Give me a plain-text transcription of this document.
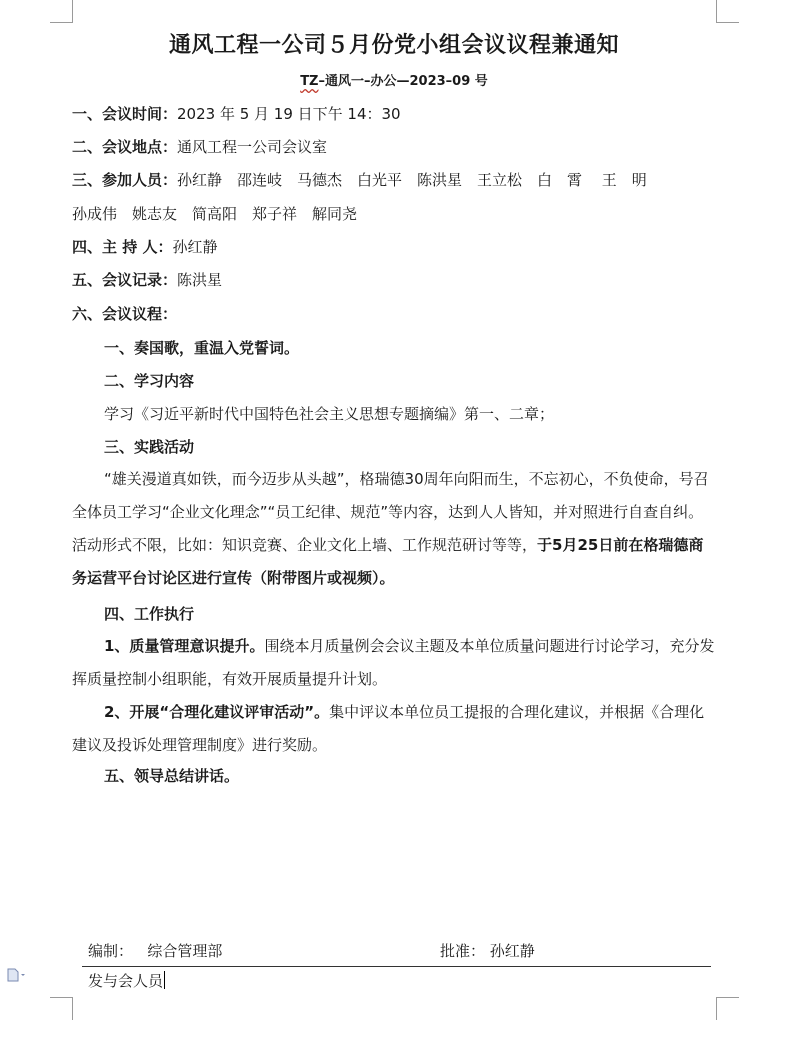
通风工程一公司５月份党小组会议议程兼通知
TZ–通风一–办公—2023–09 号
一、会议时间：2023 年 5 月 19 日下午 14：30
二、会议地点：通风工程一公司会议室
三、参加人员：孙红静　邵连岐　马德杰　白光平　陈洪星　王立松　白　霄　 王　明
孙成伟　姚志友　简高阳　郑子祥　解同尧
四、主 持 人：孙红静
五、会议记录：陈洪星
六、会议议程：
一、奏国歌，重温入党誓词。
二、学习内容
学习《习近平新时代中国特色社会主义思想专题摘编》第一、二章；
三、实践活动
“雄关漫道真如铁，而今迈步从头越”，格瑞德30周年向阳而生，不忘初心，不负使命，号召全体员工学习“企业文化理念”“员工纪律、规范”等内容，达到人人皆知，并对照进行自查自纠。活动形式不限，比如：知识竞赛、企业文化上墙、工作规范研讨等等，于5月25日前在格瑞德商务运营平台讨论区进行宣传（附带图片或视频）。
四、工作执行
1、质量管理意识提升。围绕本月质量例会会议主题及本单位质量问题进行讨论学习，充分发挥质量控制小组职能，有效开展质量提升计划。
2、开展“合理化建议评审活动”。集中评议本单位员工提报的合理化建议，并根据《合理化建议及投诉处理管理制度》进行奖励。
五、领导总结讲话。
编制： 综合管理部	批准： 孙红静
发与会人员
